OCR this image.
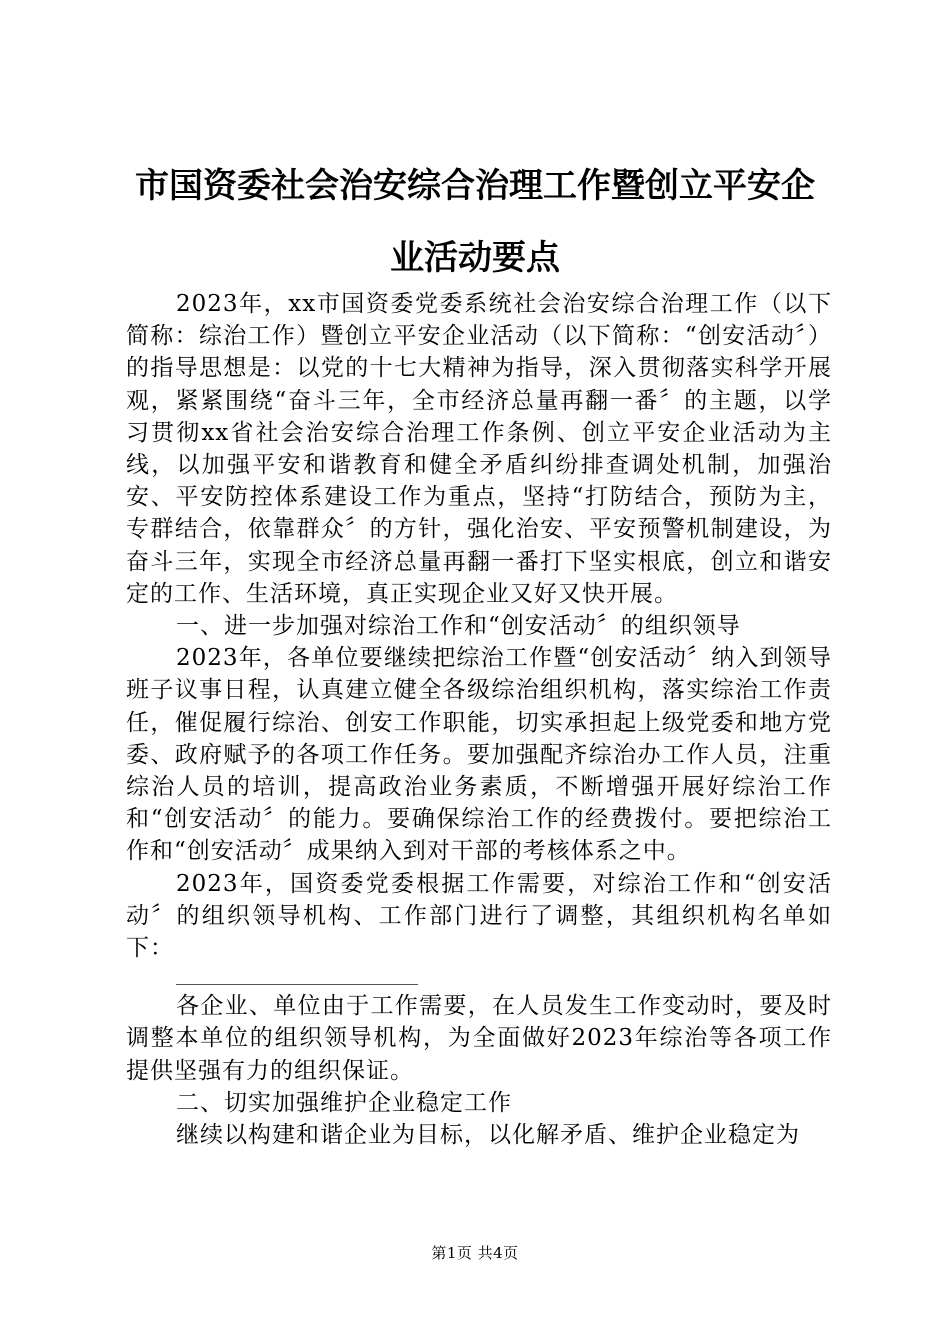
市国资委社会治安综合治理工作暨创立平安企
业活动要点

2023年，xx市国资委党委系统社会治安综合治理工作（以下简称：综治工作）暨创立平安企业活动（以下简称：“创安活动〞）的指导思想是：以党的十七大精神为指导，深入贯彻落实科学开展观，紧紧围绕“奋斗三年，全市经济总量再翻一番〞的主题，以学习贯彻xx省社会治安综合治理工作条例、创立平安企业活动为主线，以加强平安和谐教育和健全矛盾纠纷排查调处机制，加强治安、平安防控体系建设工作为重点，坚持“打防结合，预防为主，专群结合，依靠群众〞的方针，强化治安、平安预警机制建设，为奋斗三年，实现全市经济总量再翻一番打下坚实根底，创立和谐安定的工作、生活环境，真正实现企业又好又快开展。

一、进一步加强对综治工作和“创安活动〞的组织领导

2023年，各单位要继续把综治工作暨“创安活动〞纳入到领导班子议事日程，认真建立健全各级综治组织机构，落实综治工作责任，催促履行综治、创安工作职能，切实承担起上级党委和地方党委、政府赋予的各项工作任务。要加强配齐综治办工作人员，注重综治人员的培训，提高政治业务素质，不断增强开展好综治工作和“创安活动〞的能力。要确保综治工作的经费拨付。要把综治工作和“创安活动〞成果纳入到对干部的考核体系之中。

2023年，国资委党委根据工作需要，对综治工作和“创安活动〞的组织领导机构、工作部门进行了调整，其组织机构名单如下：

各企业、单位由于工作需要，在人员发生工作变动时，要及时调整本单位的组织领导机构，为全面做好2023年综治等各项工作提供坚强有力的组织保证。

二、切实加强维护企业稳定工作

继续以构建和谐企业为目标，以化解矛盾、维护企业稳定为

第1页 共4页
